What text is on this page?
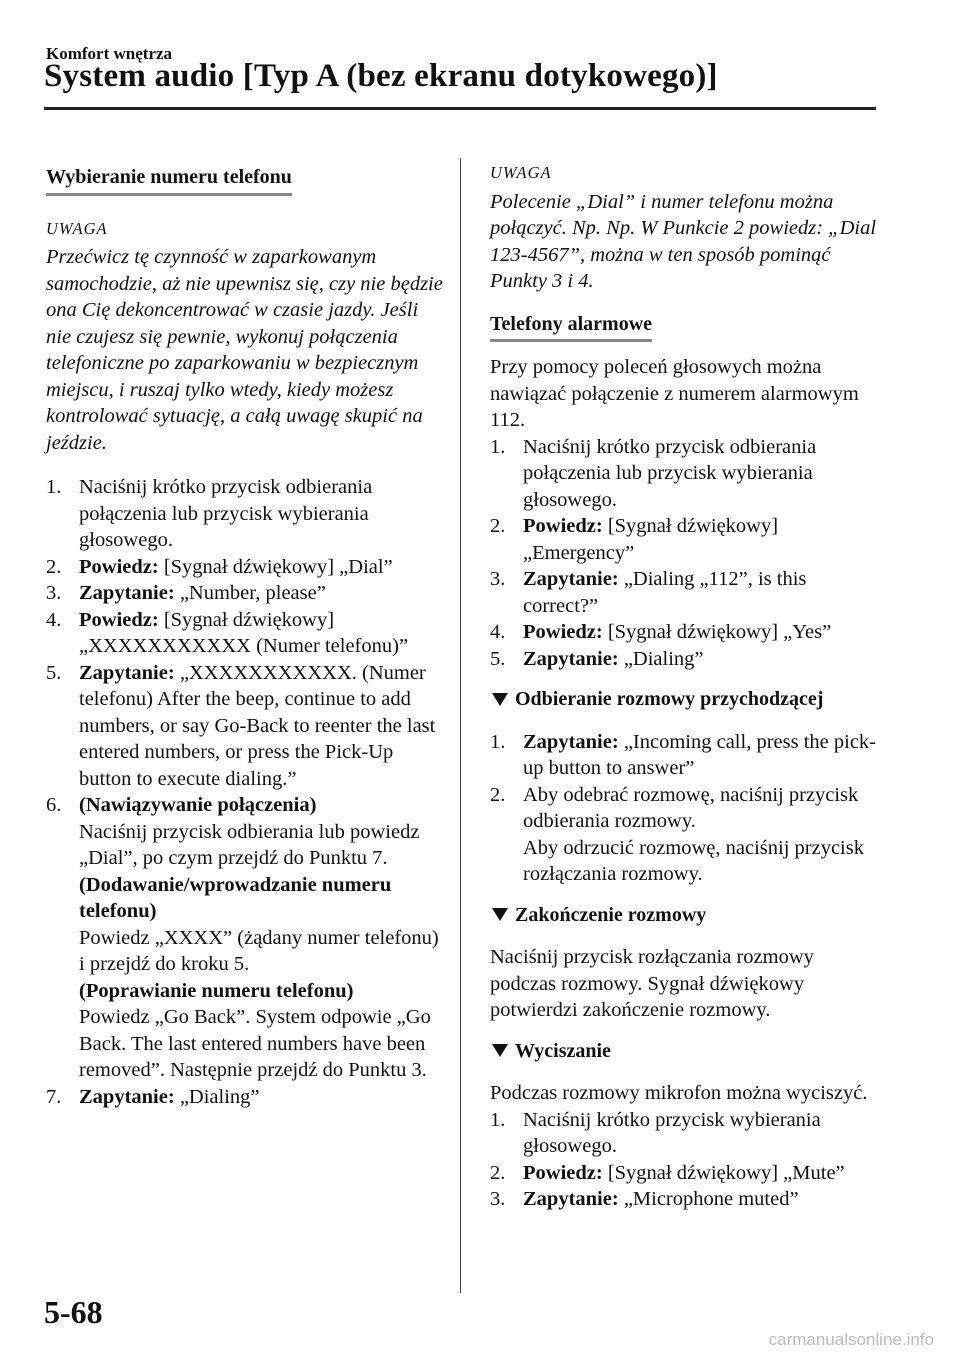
Komfort wnętrza
System audio [Typ A (bez ekranu dotykowego)]
Wybieranie numeru telefonu
UWAGA
Przećwicz tę czynność w zaparkowanym samochodzie, aż nie upewnisz się, czy nie będzie ona Cię dekoncentrować w czasie jazdy. Jeśli nie czujesz się pewnie, wykonuj połączenia telefoniczne po zaparkowaniu w bezpiecznym miejscu, i ruszaj tylko wtedy, kiedy możesz kontrolować sytuację, a całą uwagę skupić na jeździe.
1. Naciśnij krótko przycisk odbierania połączenia lub przycisk wybierania głosowego.
2. Powiedz: [Sygnał dźwiękowy] „Dial”
3. Zapytanie: „Number, please”
4. Powiedz: [Sygnał dźwiękowy] „XXXXXXXXXXX (Numer telefonu)”
5. Zapytanie: „XXXXXXXXXXX. (Numer telefonu) After the beep, continue to add numbers, or say Go-Back to reenter the last entered numbers, or press the Pick-Up button to execute dialing.”
6. (Nawiązywanie połączenia)
Naciśnij przycisk odbierania lub powiedz „Dial”, po czym przejdź do Punktu 7.
(Dodawanie/wprowadzanie numeru telefonu)
Powiedz „XXXX” (żądany numer telefonu) i przejdź do kroku 5.
(Poprawianie numeru telefonu)
Powiedz „Go Back”. System odpowie „Go Back. The last entered numbers have been removed”. Następnie przejdź do Punktu 3.
7. Zapytanie: „Dialing”
UWAGA
Polecenie „Dial” i numer telefonu można połączyć. Np. Np. W Punkcie 2 powiedz: „Dial 123-4567”, można w ten sposób pominąć Punkty 3 i 4.
Telefony alarmowe
Przy pomocy poleceń głosowych można nawiązać połączenie z numerem alarmowym 112.
1. Naciśnij krótko przycisk odbierania połączenia lub przycisk wybierania głosowego.
2. Powiedz: [Sygnał dźwiękowy] „Emergency”
3. Zapytanie: „Dialing „112”, is this correct?”
4. Powiedz: [Sygnał dźwiękowy] „Yes”
5. Zapytanie: „Dialing”
Odbieranie rozmowy przychodzącej
1. Zapytanie: „Incoming call, press the pick-up button to answer”
2. Aby odebrać rozmowę, naciśnij przycisk odbierania rozmowy.
Aby odrzucić rozmowę, naciśnij przycisk rozłączania rozmowy.
Zakończenie rozmowy
Naciśnij przycisk rozłączania rozmowy podczas rozmowy. Sygnał dźwiękowy potwierdzi zakończenie rozmowy.
Wyciszanie
Podczas rozmowy mikrofon można wyciszyć.
1. Naciśnij krótko przycisk wybierania głosowego.
2. Powiedz: [Sygnał dźwiękowy] „Mute”
3. Zapytanie: „Microphone muted”
5-68
carmanualsonline.info
